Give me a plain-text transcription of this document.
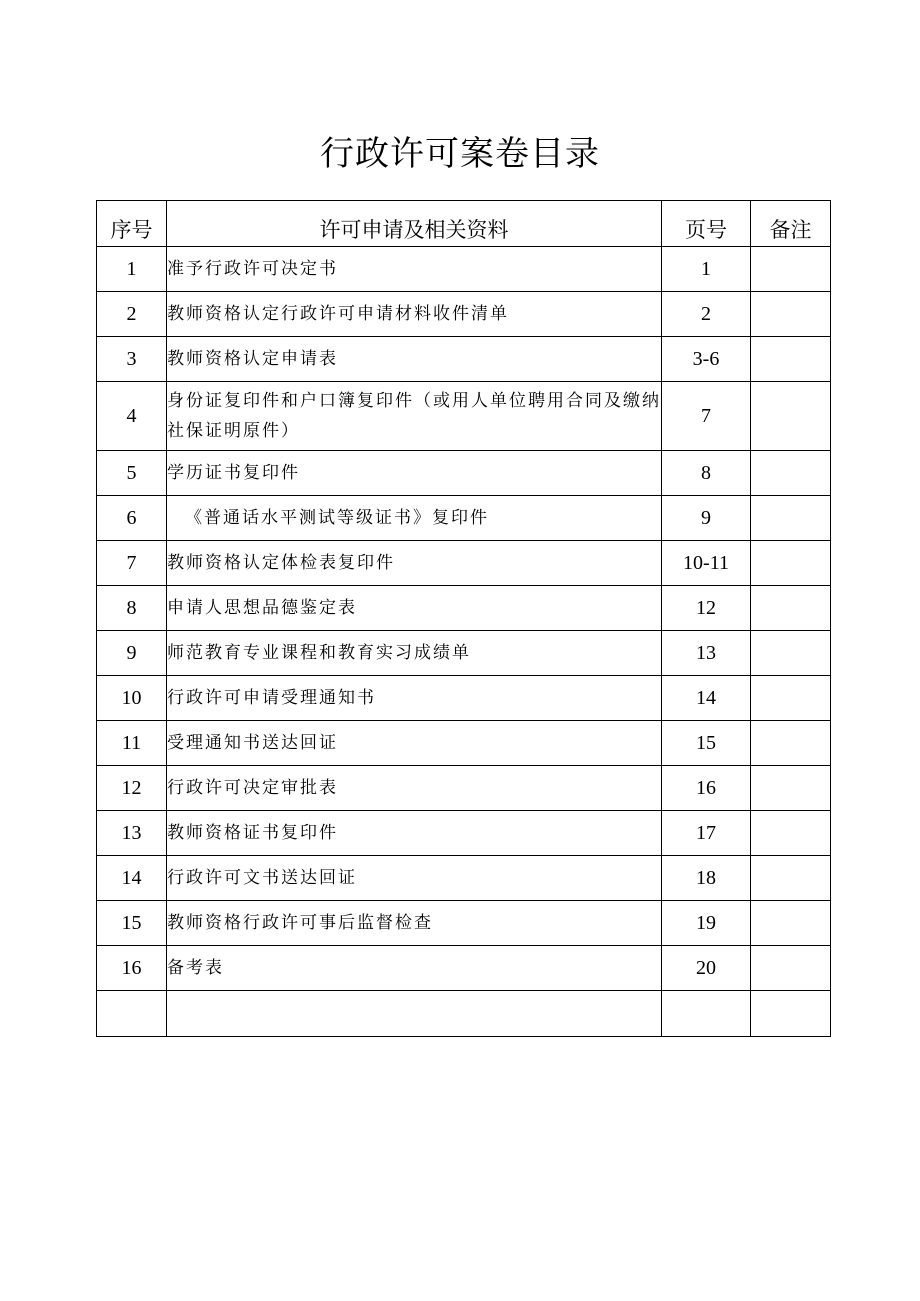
行政许可案卷目录
序号	许可申请及相关资料	页号	备注
1	准予行政许可决定书	1	
2	教师资格认定行政许可申请材料收件清单	2	
3	教师资格认定申请表	3-6	
4	身份证复印件和户口簿复印件（或用人单位聘用合同及缴纳社保证明原件）	7	
5	学历证书复印件	8	
6	《普通话水平测试等级证书》复印件	9	
7	教师资格认定体检表复印件	10-11	
8	申请人思想品德鉴定表	12	
9	师范教育专业课程和教育实习成绩单	13	
10	行政许可申请受理通知书	14	
11	受理通知书送达回证	15	
12	行政许可决定审批表	16	
13	教师资格证书复印件	17	
14	行政许可文书送达回证	18	
15	教师资格行政许可事后监督检查	19	
16	备考表	20	
